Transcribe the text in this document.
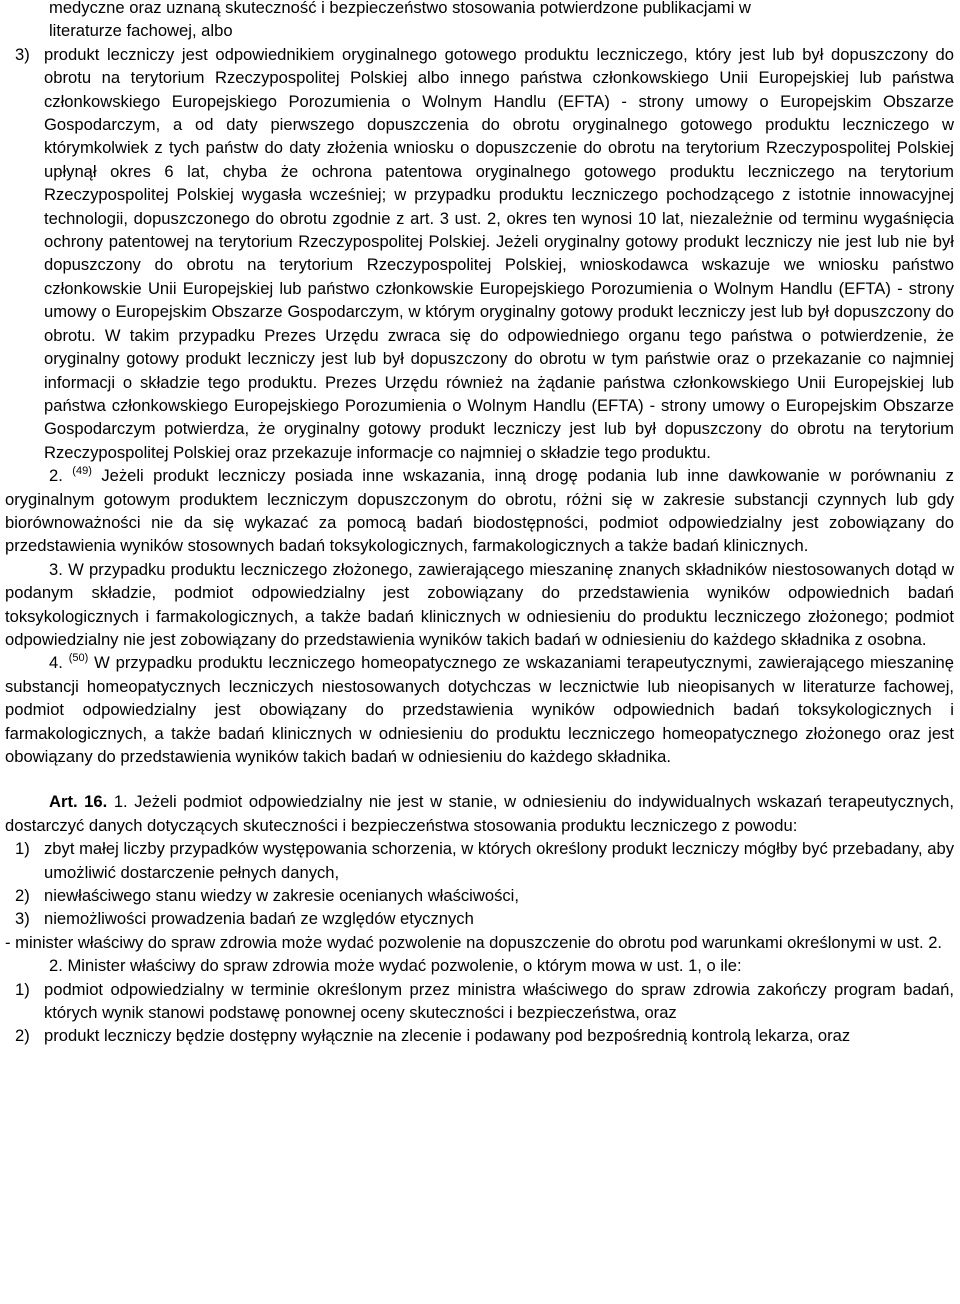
medyczne oraz uznaną skuteczność i bezpieczeństwo stosowania potwierdzone publikacjami w

literaturze fachowej, albo

3) produkt leczniczy jest odpowiednikiem oryginalnego gotowego produktu leczniczego, który jest lub był dopuszczony do obrotu na terytorium Rzeczypospolitej Polskiej albo innego państwa członkowskiego Unii Europejskiej lub państwa członkowskiego Europejskiego Porozumienia o Wolnym Handlu (EFTA) - strony umowy o Europejskim Obszarze Gospodarczym, a od daty pierwszego dopuszczenia do obrotu oryginalnego gotowego produktu leczniczego w którymkolwiek z tych państw do daty złożenia wniosku o dopuszczenie do obrotu na terytorium Rzeczypospolitej Polskiej upłynął okres 6 lat, chyba że ochrona patentowa oryginalnego gotowego produktu leczniczego na terytorium Rzeczypospolitej Polskiej wygasła wcześniej; w przypadku produktu leczniczego pochodzącego z istotnie innowacyjnej technologii, dopuszczonego do obrotu zgodnie z art. 3 ust. 2, okres ten wynosi 10 lat, niezależnie od terminu wygaśnięcia ochrony patentowej na terytorium Rzeczypospolitej Polskiej. Jeżeli oryginalny gotowy produkt leczniczy nie jest lub nie był dopuszczony do obrotu na terytorium Rzeczypospolitej Polskiej, wnioskodawca wskazuje we wniosku państwo członkowskie Unii Europejskiej lub państwo członkowskie Europejskiego Porozumienia o Wolnym Handlu (EFTA) - strony umowy o Europejskim Obszarze Gospodarczym, w którym oryginalny gotowy produkt leczniczy jest lub był dopuszczony do obrotu. W takim przypadku Prezes Urzędu zwraca się do odpowiedniego organu tego państwa o potwierdzenie, że oryginalny gotowy produkt leczniczy jest lub był dopuszczony do obrotu w tym państwie oraz o przekazanie co najmniej informacji o składzie tego produktu. Prezes Urzędu również na żądanie państwa członkowskiego Unii Europejskiej lub państwa członkowskiego Europejskiego Porozumienia o Wolnym Handlu (EFTA) - strony umowy o Europejskim Obszarze Gospodarczym potwierdza, że oryginalny gotowy produkt leczniczy jest lub był dopuszczony do obrotu na terytorium Rzeczypospolitej Polskiej oraz przekazuje informacje co najmniej o składzie tego produktu.

2. $^{(49)}$ Jeżeli produkt leczniczy posiada inne wskazania, inną drogę podania lub inne dawkowanie w porównaniu z oryginalnym gotowym produktem leczniczym dopuszczonym do obrotu, różni się w zakresie substancji czynnych lub gdy biorównoważności nie da się wykazać za pomocą badań biodostępności, podmiot odpowiedzialny jest zobowiązany do przedstawienia wyników stosownych badań toksykologicznych, farmakologicznych a także badań klinicznych.

3. W przypadku produktu leczniczego złożonego, zawierającego mieszaninę znanych składników niestosowanych dotąd w podanym składzie, podmiot odpowiedzialny jest zobowiązany do przedstawienia wyników odpowiednich badań toksykologicznych i farmakologicznych, a także badań klinicznych w odniesieniu do produktu leczniczego złożonego; podmiot odpowiedzialny nie jest zobowiązany do przedstawienia wyników takich badań w odniesieniu do każdego składnika z osobna.

4. $^{(50)}$ W przypadku produktu leczniczego homeopatycznego ze wskazaniami terapeutycznymi, zawierającego mieszaninę substancji homeopatycznych leczniczych niestosowanych dotychczas w lecznictwie lub nieopisanych w literaturze fachowej, podmiot odpowiedzialny jest obowiązany do przedstawienia wyników odpowiednich badań toksykologicznych i farmakologicznych, a także badań klinicznych w odniesieniu do produktu leczniczego homeopatycznego złożonego oraz jest obowiązany do przedstawienia wyników takich badań w odniesieniu do każdego składnika.

Art. 16. 1. Jeżeli podmiot odpowiedzialny nie jest w stanie, w odniesieniu do indywidualnych wskazań terapeutycznych, dostarczyć danych dotyczących skuteczności i bezpieczeństwa stosowania produktu leczniczego z powodu:

1) zbyt małej liczby przypadków występowania schorzenia, w których określony produkt leczniczy mógłby być przebadany, aby umożliwić dostarczenie pełnych danych,
2) niewłaściwego stanu wiedzy w zakresie ocenianych właściwości,
3) niemożliwości prowadzenia badań ze względów etycznych

- minister właściwy do spraw zdrowia może wydać pozwolenie na dopuszczenie do obrotu pod warunkami określonymi w ust. 2.

2. Minister właściwy do spraw zdrowia może wydać pozwolenie, o którym mowa w ust. 1, o ile:

1) podmiot odpowiedzialny w terminie określonym przez ministra właściwego do spraw zdrowia zakończy program badań, których wynik stanowi podstawę ponownej oceny skuteczności i bezpieczeństwa, oraz
2) produkt leczniczy będzie dostępny wyłącznie na zlecenie i podawany pod bezpośrednią kontrolą lekarza, oraz
